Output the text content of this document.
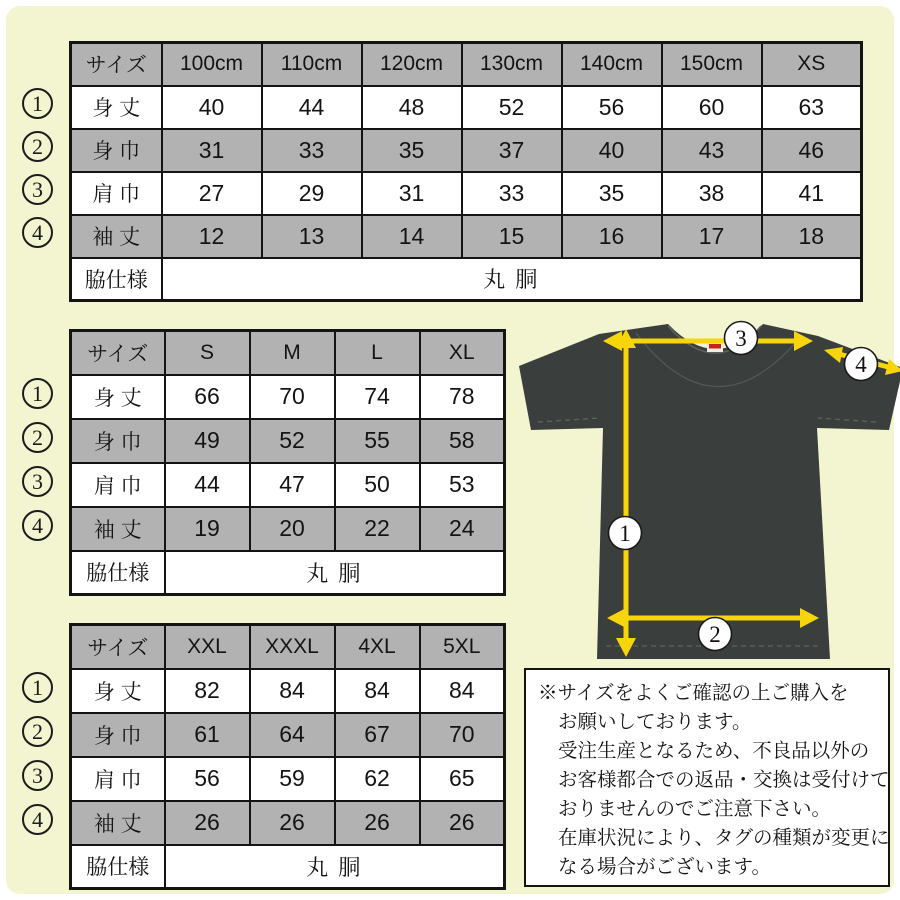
サイズ	100cm	110cm	120cm	130cm	140cm	150cm	XS
身 丈	40	44	48	52	56	60	63
身 巾	31	33	35	37	40	43	46
肩 巾	27	29	31	33	35	38	41
袖 丈	12	13	14	15	16	17	18
脇仕様	丸 胴						
1
2
3
4
サイズ	S	M	L	XL
身 丈	66	70	74	78
身 巾	49	52	55	58
肩 巾	44	47	50	53
袖 丈	19	20	22	24
脇仕様	丸 胴			
1
2
3
4
サイズ	XXL	XXXL	4XL	5XL
身 丈	82	84	84	84
身 巾	61	64	67	70
肩 巾	56	59	62	65
袖 丈	26	26	26	26
脇仕様	丸 胴			
1
2
3
4
1
2
3
4
※サイズをよくご確認の上ご購入を
お願いしております。
受注生産となるため、不良品以外の
お客様都合での返品・交換は受付けて
おりませんのでご注意下さい。
在庫状況により、タグの種類が変更に
なる場合がございます。
